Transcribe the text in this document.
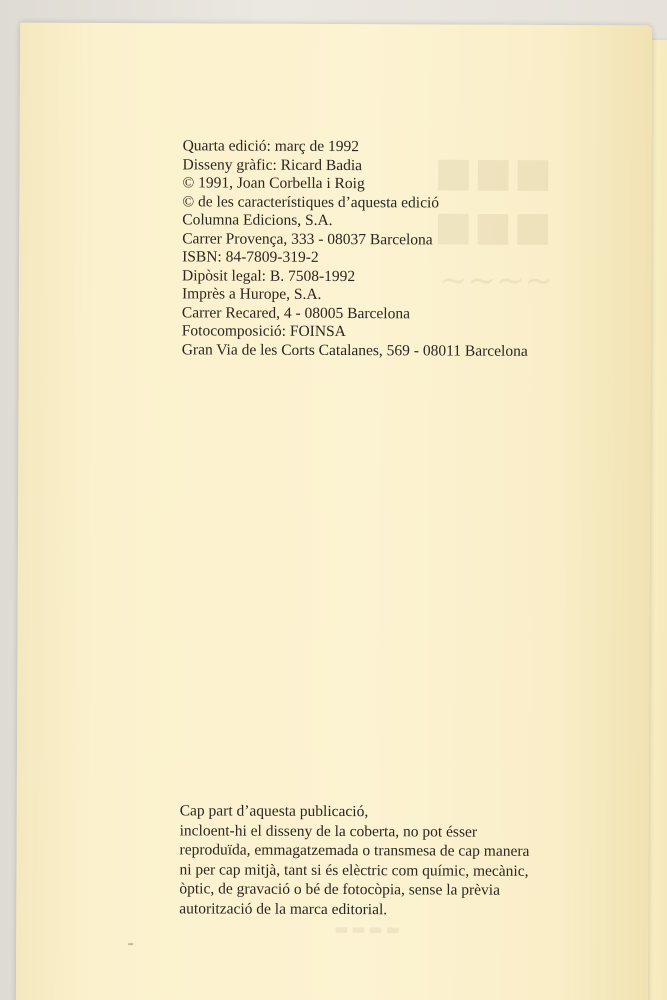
■■■
■■■
~~~~
▬▬▬▬
Quarta edició: març de 1992
Disseny gràfic: Ricard Badia
© 1991, Joan Corbella i Roig
© de les característiques d’aquesta edició
Columna Edicions, S.A.
Carrer Provença, 333 - 08037 Barcelona
ISBN: 84-7809-319-2
Dipòsit legal: B. 7508-1992
Imprès a Hurope, S.A.
Carrer Recared, 4 - 08005 Barcelona
Fotocomposició: FOINSA
Gran Via de les Corts Catalanes, 569 - 08011 Barcelona
Cap part d’aquesta publicació,
incloent-hi el disseny de la coberta, no pot ésser
reproduïda, emmagatzemada o transmesa de cap manera
ni per cap mitjà, tant si és elèctric com químic, mecànic,
òptic, de gravació o bé de fotocòpia, sense la prèvia
autorització de la marca editorial.
